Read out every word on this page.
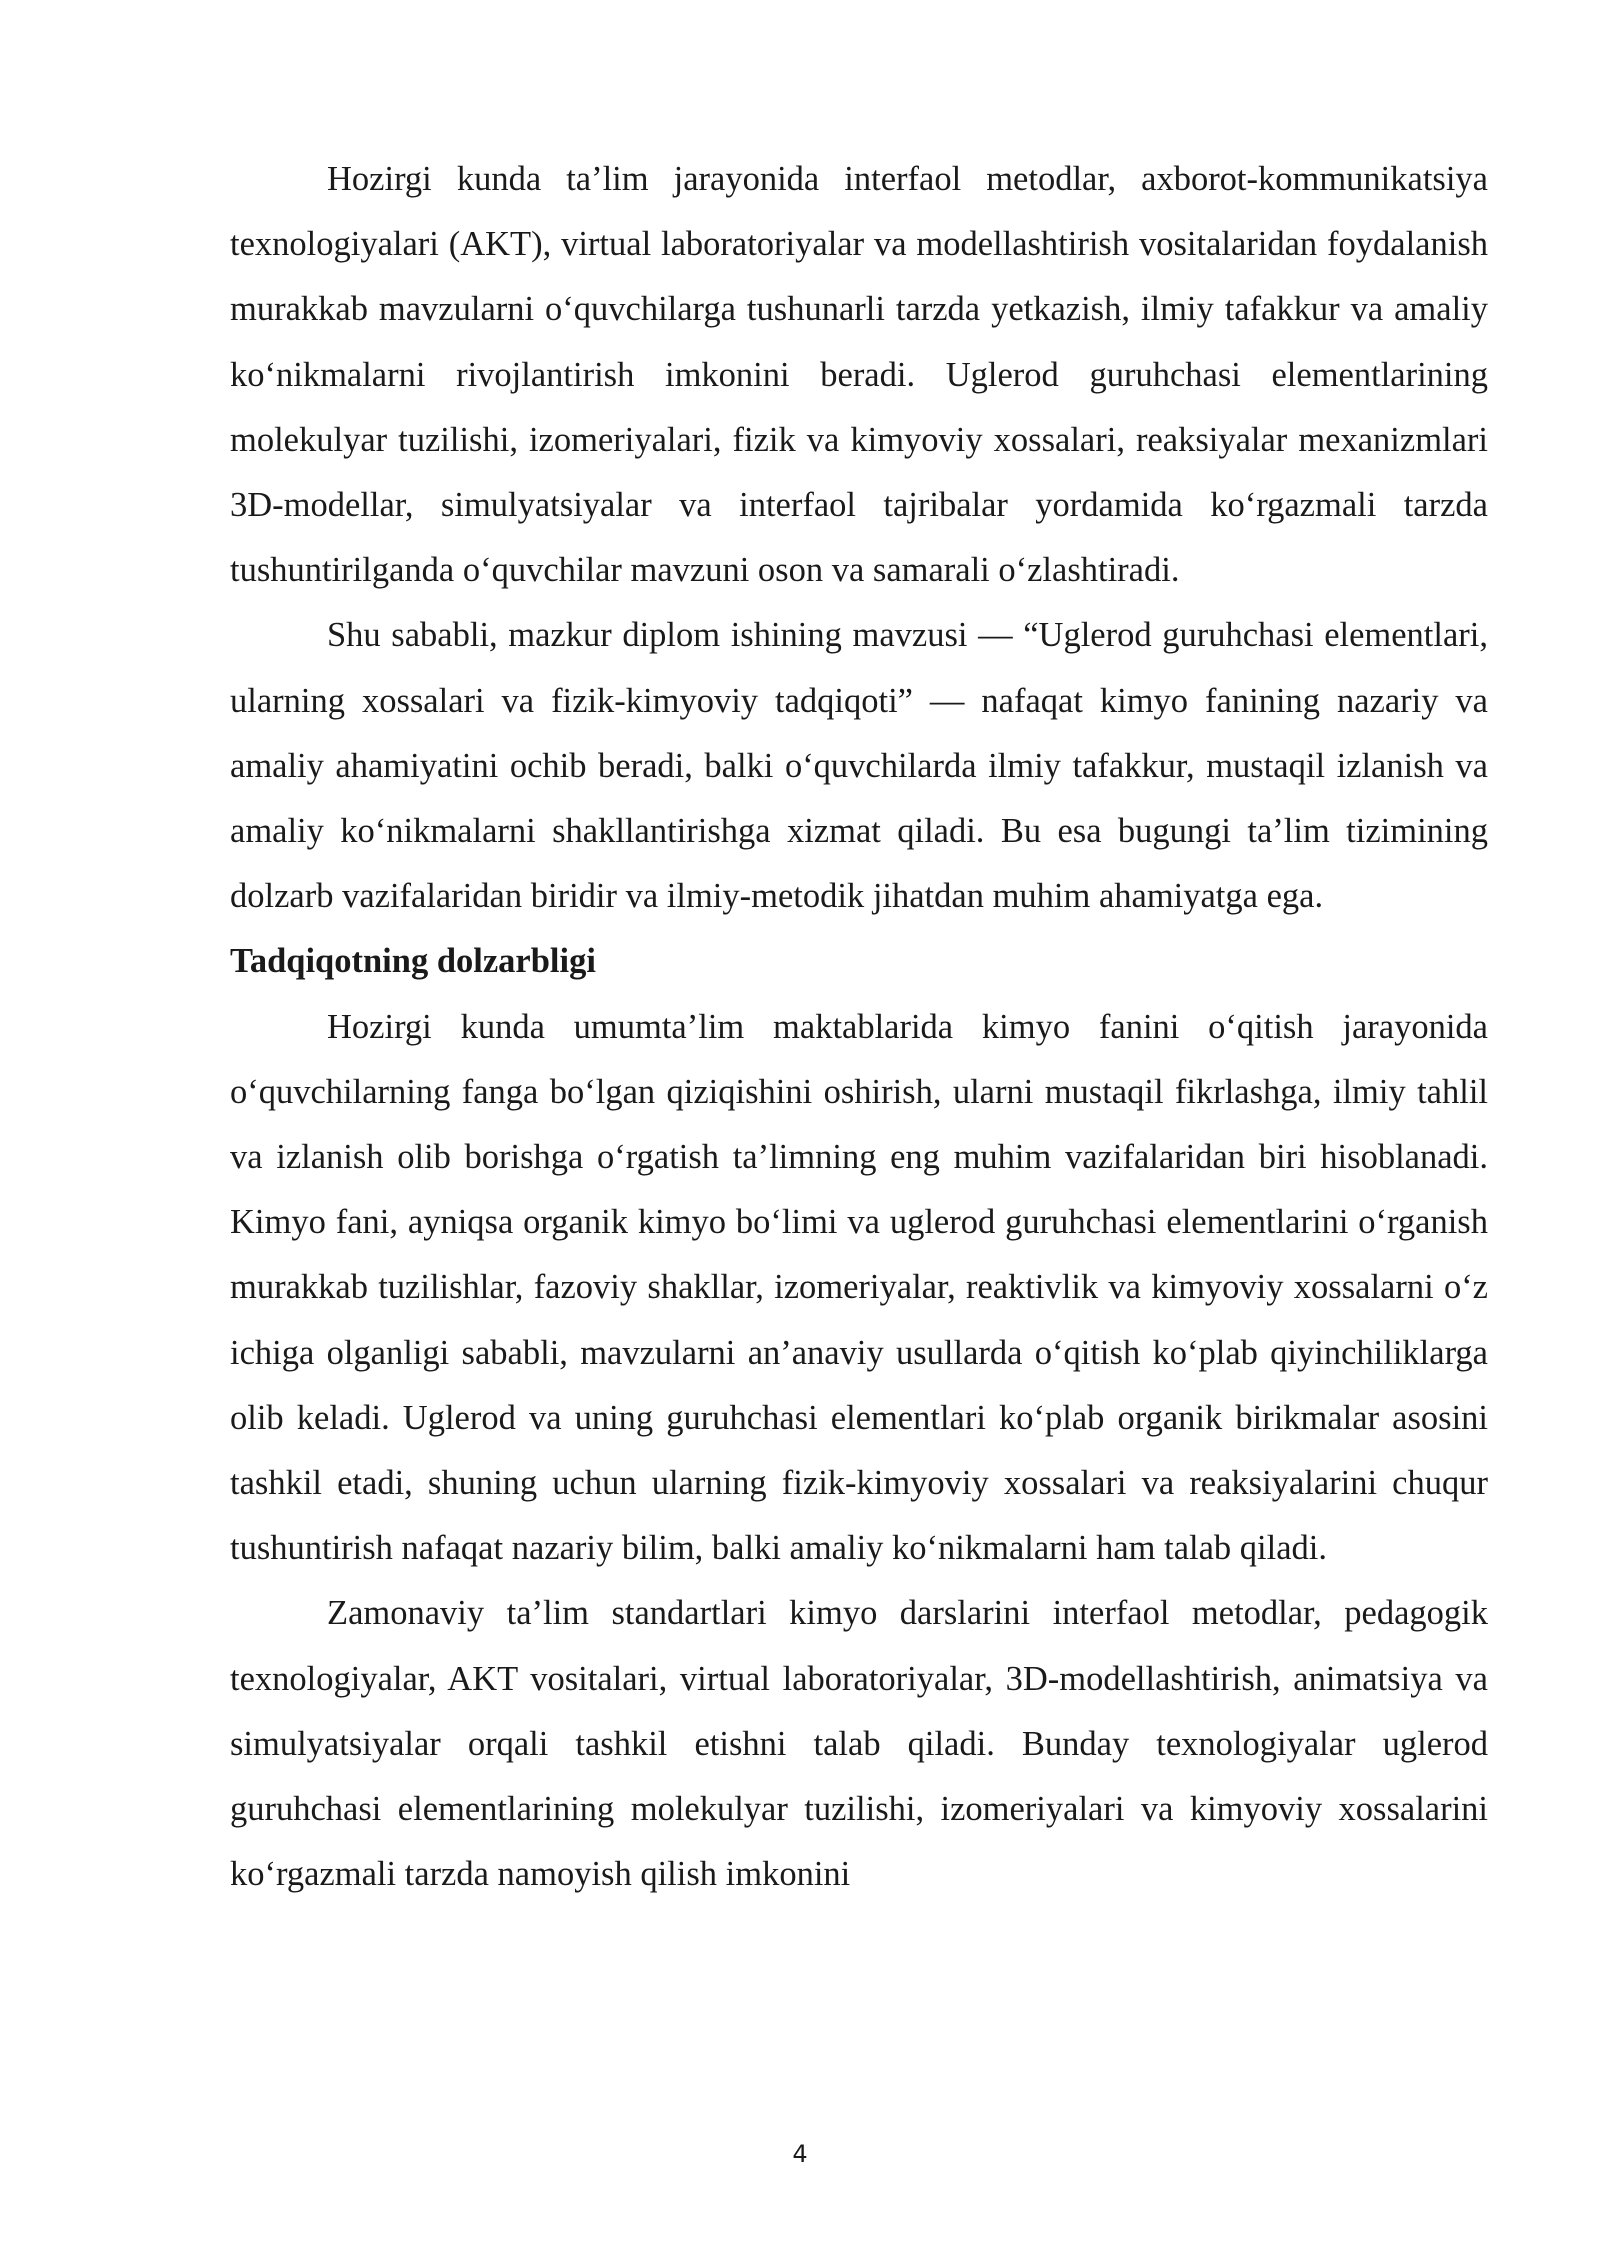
Hozirgi kunda ta’lim jarayonida interfaol metodlar, axborot-kommunikatsiya texnologiyalari (AKT), virtual laboratoriyalar va modellashtirish vositalaridan foydalanish murakkab mavzularni o‘quvchilarga tushunarli tarzda yetkazish, ilmiy tafakkur va amaliy ko‘nikmalarni rivojlantirish imkonini beradi. Uglerod guruhchasi elementlarining molekulyar tuzilishi, izomeriyalari, fizik va kimyoviy xossalari, reaksiyalar mexanizmlari 3D-modellar, simulyatsiyalar va interfaol tajribalar yordamida ko‘rgazmali tarzda tushuntirilganda o‘quvchilar mavzuni oson va samarali o‘zlashtiradi.

Shu sababli, mazkur diplom ishining mavzusi — “Uglerod guruhchasi elementlari, ularning xossalari va fizik-kimyoviy tadqiqoti” — nafaqat kimyo fanining nazariy va amaliy ahamiyatini ochib beradi, balki o‘quvchilarda ilmiy tafakkur, mustaqil izlanish va amaliy ko‘nikmalarni shakllantirishga xizmat qiladi. Bu esa bugungi ta’lim tizimining dolzarb vazifalaridan biridir va ilmiy-metodik jihatdan muhim ahamiyatga ega.

Tadqiqotning dolzarbligi

Hozirgi kunda umumta’lim maktablarida kimyo fanini o‘qitish jarayonida o‘quvchilarning fanga bo‘lgan qiziqishini oshirish, ularni mustaqil fikrlashga, ilmiy tahlil va izlanish olib borishga o‘rgatish ta’limning eng muhim vazifalaridan biri hisoblanadi. Kimyo fani, ayniqsa organik kimyo bo‘limi va uglerod guruhchasi elementlarini o‘rganish murakkab tuzilishlar, fazoviy shakllar, izomeriyalar, reaktivlik va kimyoviy xossalarni o‘z ichiga olganligi sababli, mavzularni an’anaviy usullarda o‘qitish ko‘plab qiyinchiliklarga olib keladi. Uglerod va uning guruhchasi elementlari ko‘plab organik birikmalar asosini tashkil etadi, shuning uchun ularning fizik-kimyoviy xossalari va reaksiyalarini chuqur tushuntirish nafaqat nazariy bilim, balki amaliy ko‘nikmalarni ham talab qiladi.

Zamonaviy ta’lim standartlari kimyo darslarini interfaol metodlar, pedagogik texnologiyalar, AKT vositalari, virtual laboratoriyalar, 3D-modellashtirish, animatsiya va simulyatsiyalar orqali tashkil etishni talab qiladi. Bunday texnologiyalar uglerod guruhchasi elementlarining molekulyar tuzilishi, izomeriyalari va kimyoviy xossalarini ko‘rgazmali tarzda namoyish qilish imkonini

4
